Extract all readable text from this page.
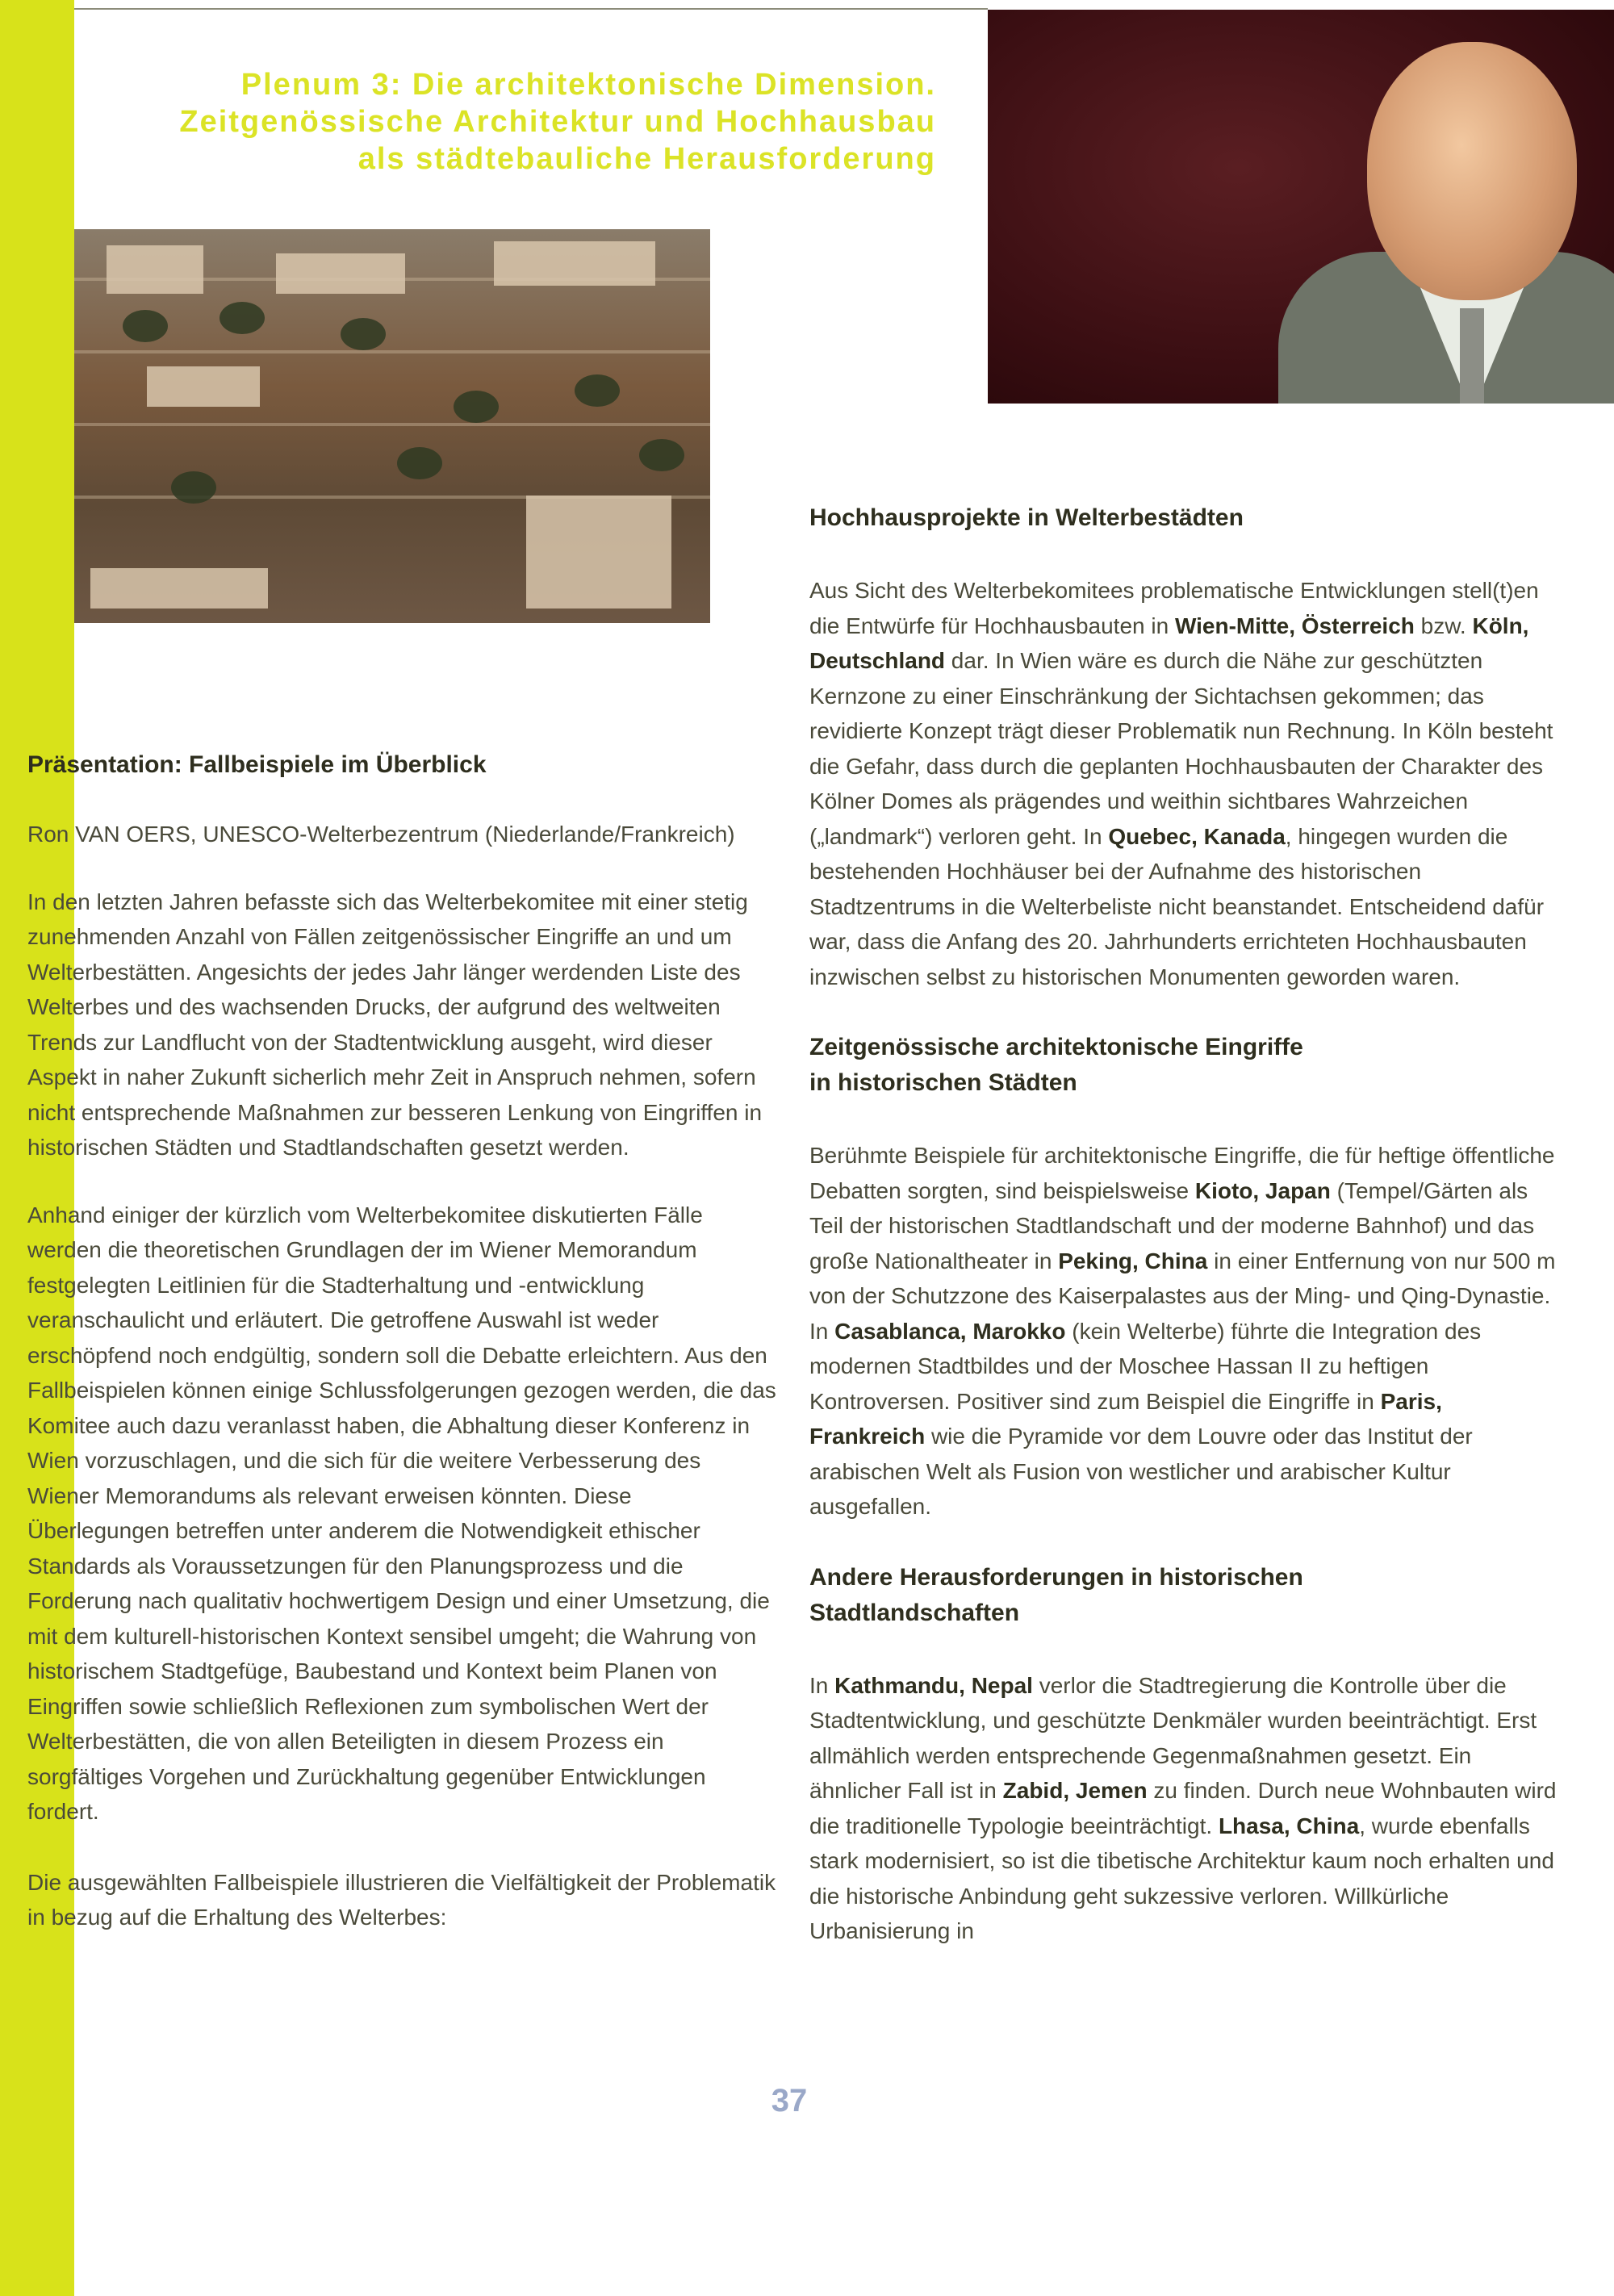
Plenum 3: Die architektonische Dimension.
Zeitgenössische Architektur und Hochhausbau
als städtebauliche Herausforderung
Präsentation: Fallbeispiele im Überblick

Ron VAN OERS, UNESCO-Welterbezentrum (Niederlande/Frankreich)

In den letzten Jahren befasste sich das Welterbekomitee mit einer stetig zunehmenden Anzahl von Fällen zeitgenössischer Eingriffe an und um Welterbestätten. Angesichts der jedes Jahr länger werdenden Liste des Welterbes und des wachsenden Drucks, der aufgrund des weltweiten Trends zur Landflucht von der Stadtentwicklung ausgeht, wird dieser Aspekt in naher Zukunft sicherlich mehr Zeit in Anspruch nehmen, sofern nicht entsprechende Maßnahmen zur besseren Lenkung von Eingriffen in historischen Städten und Stadtlandschaften gesetzt werden.

Anhand einiger der kürzlich vom Welterbekomitee diskutierten Fälle werden die theoretischen Grundlagen der im Wiener Memorandum festgelegten Leitlinien für die Stadterhaltung und -entwicklung veranschaulicht und erläutert. Die getroffene Auswahl ist weder erschöpfend noch endgültig, sondern soll die Debatte erleichtern. Aus den Fallbeispielen können einige Schlussfolgerungen gezogen werden, die das Komitee auch dazu veranlasst haben, die Abhaltung dieser Konferenz in Wien vorzuschlagen, und die sich für die weitere Verbesserung des Wiener Memorandums als relevant erweisen könnten. Diese Überlegungen betreffen unter anderem die Notwendigkeit ethischer Standards als Voraussetzungen für den Planungsprozess und die Forderung nach qualitativ hochwertigem Design und einer Umsetzung, die mit dem kulturell-historischen Kontext sensibel umgeht; die Wahrung von historischem Stadtgefüge, Baubestand und Kontext beim Planen von Eingriffen sowie schließlich Reflexionen zum symbolischen Wert der Welterbestätten, die von allen Beteiligten in diesem Prozess ein sorgfältiges Vorgehen und Zurückhaltung gegenüber Entwicklungen fordert.

Die ausgewählten Fallbeispiele illustrieren die Vielfältigkeit der Problematik in bezug auf die Erhaltung des Welterbes:

Hochhausprojekte in Welterbestädten

Aus Sicht des Welterbekomitees problematische Entwicklungen stell(t)en die Entwürfe für Hochhausbauten in Wien-Mitte, Österreich bzw. Köln, Deutschland dar. In Wien wäre es durch die Nähe zur geschützten Kernzone zu einer Einschränkung der Sichtachsen gekommen; das revidierte Konzept trägt dieser Problematik nun Rechnung. In Köln besteht die Gefahr, dass durch die geplanten Hochhausbauten der Charakter des Kölner Domes als prägendes und weithin sichtbares Wahrzeichen („landmark“) verloren geht. In Quebec, Kanada, hingegen wurden die bestehenden Hochhäuser bei der Aufnahme des historischen Stadtzentrums in die Welterbeliste nicht beanstandet. Entscheidend dafür war, dass die Anfang des 20. Jahrhunderts errichteten Hochhausbauten inzwischen selbst zu historischen Monumenten geworden waren.

Zeitgenössische architektonische Eingriffe
in historischen Städten

Berühmte Beispiele für architektonische Eingriffe, die für heftige öffentliche Debatten sorgten, sind beispielsweise Kioto, Japan (Tempel/Gärten als Teil der historischen Stadtlandschaft und der moderne Bahnhof) und das große Nationaltheater in Peking, China in einer Entfernung von nur 500 m von der Schutzzone des Kaiserpalastes aus der Ming- und Qing-Dynastie. In Casablanca, Marokko (kein Welterbe) führte die Integration des modernen Stadtbildes und der Moschee Hassan II zu heftigen Kontroversen. Positiver sind zum Beispiel die Eingriffe in Paris, Frankreich wie die Pyramide vor dem Louvre oder das Institut der arabischen Welt als Fusion von westlicher und arabischer Kultur ausgefallen.

Andere Herausforderungen in historischen
Stadtlandschaften

In Kathmandu, Nepal verlor die Stadtregierung die Kontrolle über die Stadtentwicklung, und geschützte Denkmäler wurden beeinträchtigt. Erst allmählich werden entsprechende Gegenmaßnahmen gesetzt. Ein ähnlicher Fall ist in Zabid, Jemen zu finden. Durch neue Wohnbauten wird die traditionelle Typologie beeinträchtigt. Lhasa, China, wurde ebenfalls stark modernisiert, so ist die tibetische Architektur kaum noch erhalten und die historische Anbindung geht sukzessive verloren. Willkürliche Urbanisierung in

37
